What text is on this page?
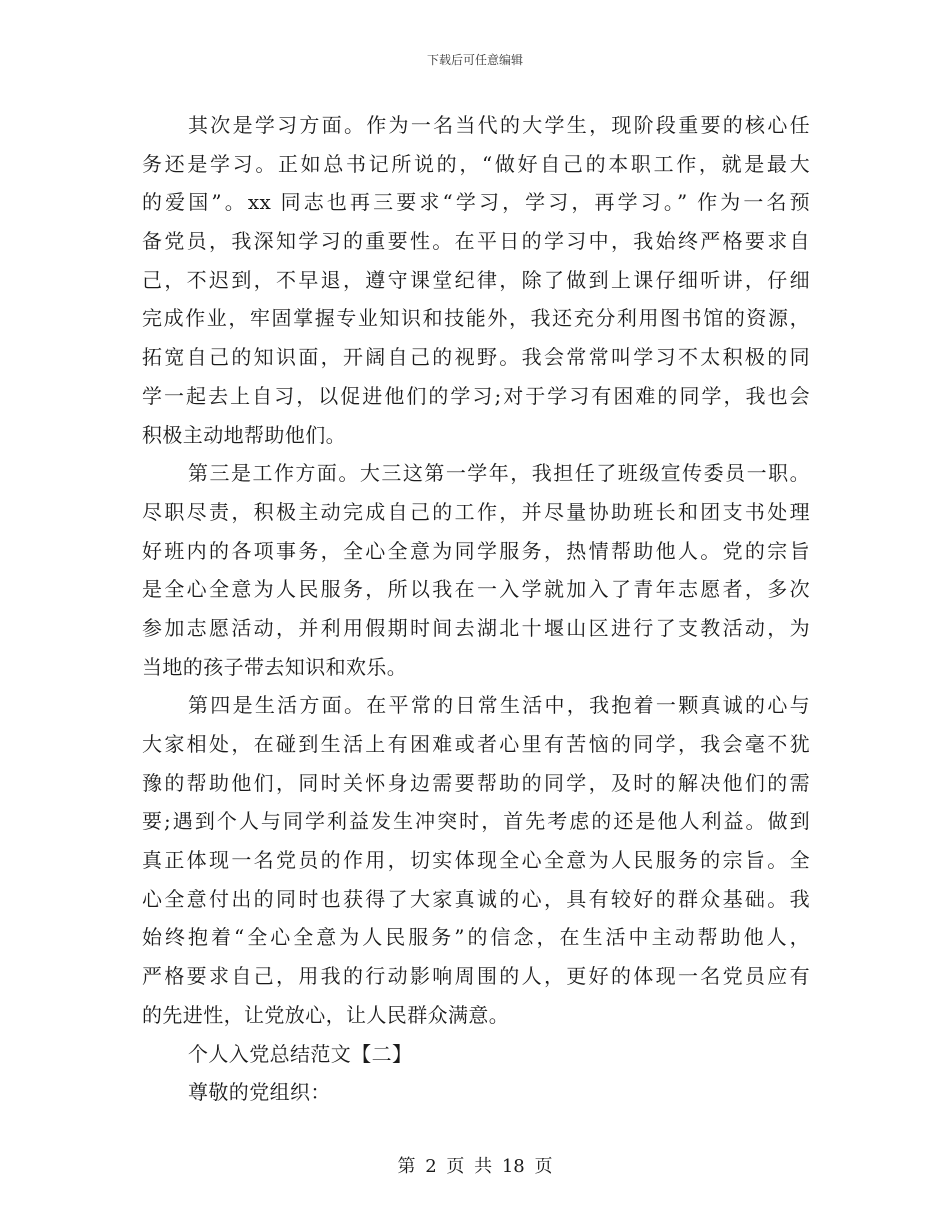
下载后可任意编辑
其次是学习方面。作为一名当代的大学生，现阶段重要的核心任
务还是学习。正如总书记所说的，“做好自己的本职工作，就是最大
的爱国”。xx 同志也再三要求“学习，学习，再学习。” 作为一名预
备党员，我深知学习的重要性。在平日的学习中，我始终严格要求自
己，不迟到，不早退，遵守课堂纪律，除了做到上课仔细听讲，仔细
完成作业，牢固掌握专业知识和技能外，我还充分利用图书馆的资源，
拓宽自己的知识面，开阔自己的视野。我会常常叫学习不太积极的同
学一起去上自习，以促进他们的学习;对于学习有困难的同学，我也会
积极主动地帮助他们。
第三是工作方面。大三这第一学年，我担任了班级宣传委员一职。
尽职尽责，积极主动完成自己的工作，并尽量协助班长和团支书处理
好班内的各项事务，全心全意为同学服务，热情帮助他人。党的宗旨
是全心全意为人民服务，所以我在一入学就加入了青年志愿者，多次
参加志愿活动，并利用假期时间去湖北十堰山区进行了支教活动，为
当地的孩子带去知识和欢乐。
第四是生活方面。在平常的日常生活中，我抱着一颗真诚的心与
大家相处，在碰到生活上有困难或者心里有苦恼的同学，我会毫不犹
豫的帮助他们，同时关怀身边需要帮助的同学，及时的解决他们的需
要;遇到个人与同学利益发生冲突时，首先考虑的还是他人利益。做到
真正体现一名党员的作用，切实体现全心全意为人民服务的宗旨。全
心全意付出的同时也获得了大家真诚的心，具有较好的群众基础。我
始终抱着“全心全意为人民服务”的信念，在生活中主动帮助他人，
严格要求自己，用我的行动影响周围的人，更好的体现一名党员应有
的先进性，让党放心，让人民群众满意。
个人入党总结范文【二】
尊敬的党组织：
第 2 页 共 18 页
